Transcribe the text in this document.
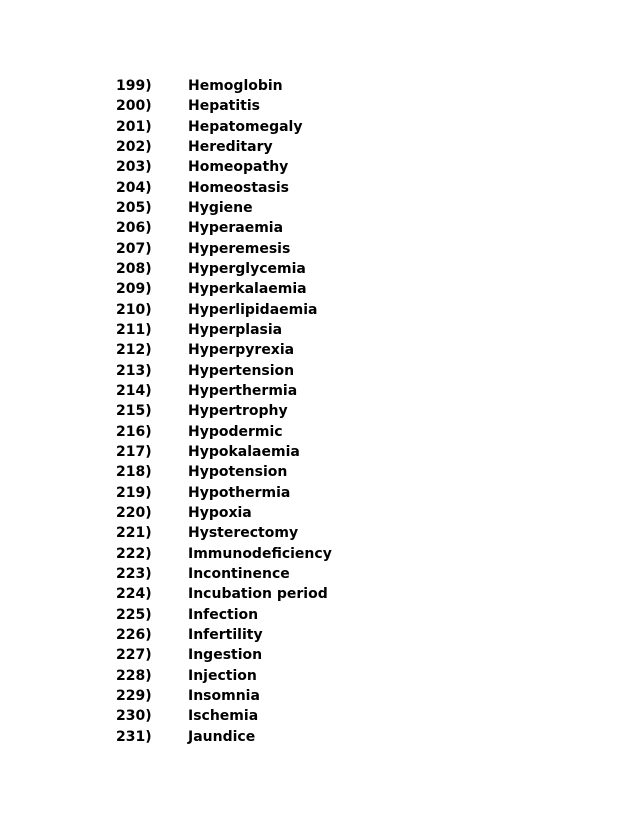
199)	Hemoglobin
200)	Hepatitis
201)	Hepatomegaly
202)	Hereditary
203)	Homeopathy
204)	Homeostasis
205)	Hygiene
206)	Hyperaemia
207)	Hyperemesis
208)	Hyperglycemia
209)	Hyperkalaemia
210)	Hyperlipidaemia
211)	Hyperplasia
212)	Hyperpyrexia
213)	Hypertension
214)	Hyperthermia
215)	Hypertrophy
216)	Hypodermic
217)	Hypokalaemia
218)	Hypotension
219)	Hypothermia
220)	Hypoxia
221)	Hysterectomy
222)	Immunodeficiency
223)	Incontinence
224)	Incubation period
225)	Infection
226)	Infertility
227)	Ingestion
228)	Injection
229)	Insomnia
230)	Ischemia
231)	Jaundice
